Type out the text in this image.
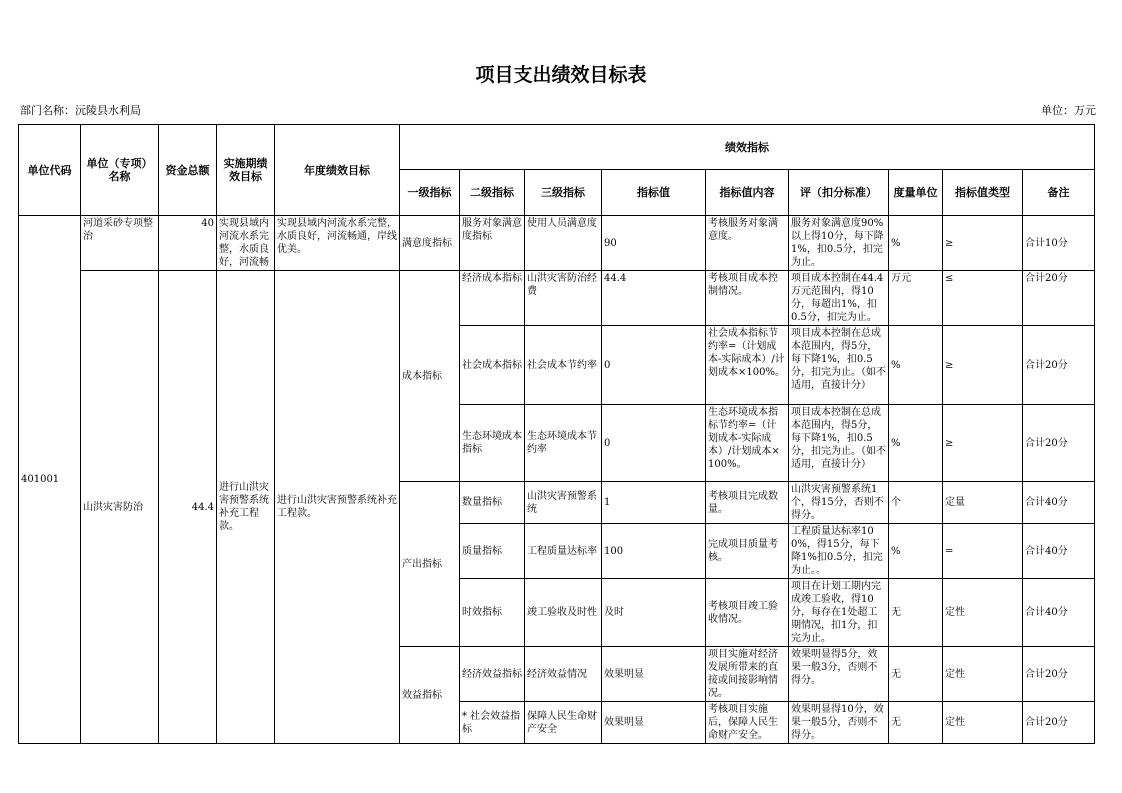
项目支出绩效目标表
部门名称：沅陵县水利局	单位：万元
单位代码	单位（专项）名称	资金总额	实施期绩效目标	年度绩效目标	绩效指标								
					一级指标	二级指标	三级指标	指标值	指标值内容	评（扣分标准）	度量单位	指标值类型	备注
401001	河道采砂专项整治	40	实现县域内河流水系完整，水质良好，河流畅	实现县域内河流水系完整，水质良好，河流畅通，岸线优美。	满意度指标	服务对象满意度指标	使用人员满意度	90	考核服务对象满意度。	服务对象满意度90%以上得10分，每下降1%，扣0.5分，扣完为止。	%	≥	合计10分
	山洪灾害防治	44.4	进行山洪灾害预警系统补充工程款。	进行山洪灾害预警系统补充工程款。	成本指标	经济成本指标	山洪灾害防治经费	44.4	考核项目成本控制情况。	项目成本控制在44.4万元范围内，得10分，每超出1%，扣0.5分，扣完为止。	万元	≤	合计20分
						社会成本指标	社会成本节约率	0	社会成本指标节约率=（计划成本-实际成本）/计划成本×100%。	项目成本控制在总成本范围内，得5分，每下降1%，扣0.5分，扣完为止。（如不适用，直接计分）	%	≥	合计20分
						生态环境成本指标	生态环境成本节约率	0	生态环境成本指标节约率=（计划成本-实际成本）/计划成本×100%。	项目成本控制在总成本范围内，得5分，每下降1%，扣0.5分，扣完为止。（如不适用，直接计分）	%	≥	合计20分
					产出指标	数量指标	山洪灾害预警系统	1	考核项目完成数量。	山洪灾害预警系统1个，得15分，否则不得分。	个	定量	合计40分
						质量指标	工程质量达标率	100	完成项目质量考核。	工程质量达标率100%，得15分，每下降1%扣0.5分，扣完为止。。	%	=	合计40分
						时效指标	竣工验收及时性	及时	考核项目竣工验收情况。	项目在计划工期内完成竣工验收，得10分，每存在1处超工期情况，扣1分，扣完为止。	无	定性	合计40分
					效益指标	经济效益指标	经济效益情况	效果明显	项目实施对经济发展所带来的直接或间接影响情况。	效果明显得5分，效果一般3分，否则不得分。	无	定性	合计20分
						* 社会效益指标	保障人民生命财产安全	效果明显	考核项目实施后，保障人民生命财产安全。	效果明显得10分，效果一般5分，否则不得分。	无	定性	合计20分
